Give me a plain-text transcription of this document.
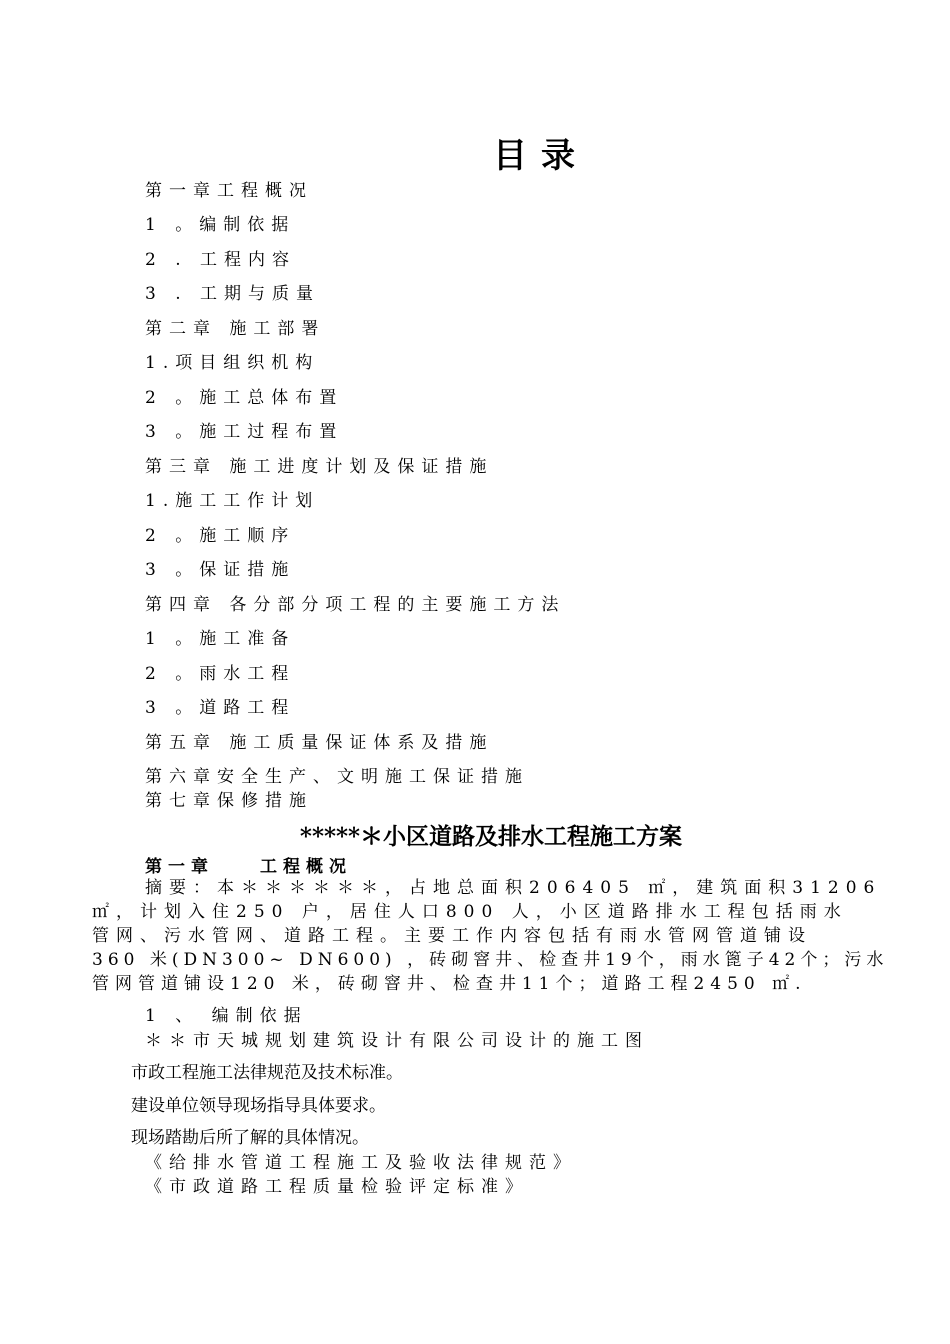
目录
第一章工程概况
1 。编制依据
2 . 工程内容
3 . 工期与质量
第二章 施工部署
1.项目组织机构
2 。施工总体布置
3 。施工过程布置
第三章 施工进度计划及保证措施
1.施工工作计划
2 。施工顺序
3 。保证措施
第四章 各分部分项工程的主要施工方法
1 。施工准备
2 。雨水工程
3 。道路工程
第五章 施工质量保证体系及措施
第六章安全生产、文明施工保证措施
第七章保修措施
*****＊小区道路及排水工程施工方案
第一章	工程概况
摘要：本＊＊＊＊＊＊，占地总面积206405 ㎡，建筑面积31206
㎡，计划入住250 户，居住人口800 人，小区道路排水工程包括雨水
管网、污水管网、道路工程。主要工作内容包括有雨水管网管道铺设
360 米(DN300~ DN600) ，砖砌窨井、检查井19个，雨水篦子42个；污水
管网管道铺设120 米，砖砌窨井、检查井11个；道路工程2450 ㎡.
1 、 编制依据
＊＊市天城规划建筑设计有限公司设计的施工图
市政工程施工法律规范及技术标准。
建设单位领导现场指导具体要求。
现场踏勘后所了解的具体情况。
《给排水管道工程施工及验收法律规范》
《市政道路工程质量检验评定标准》
